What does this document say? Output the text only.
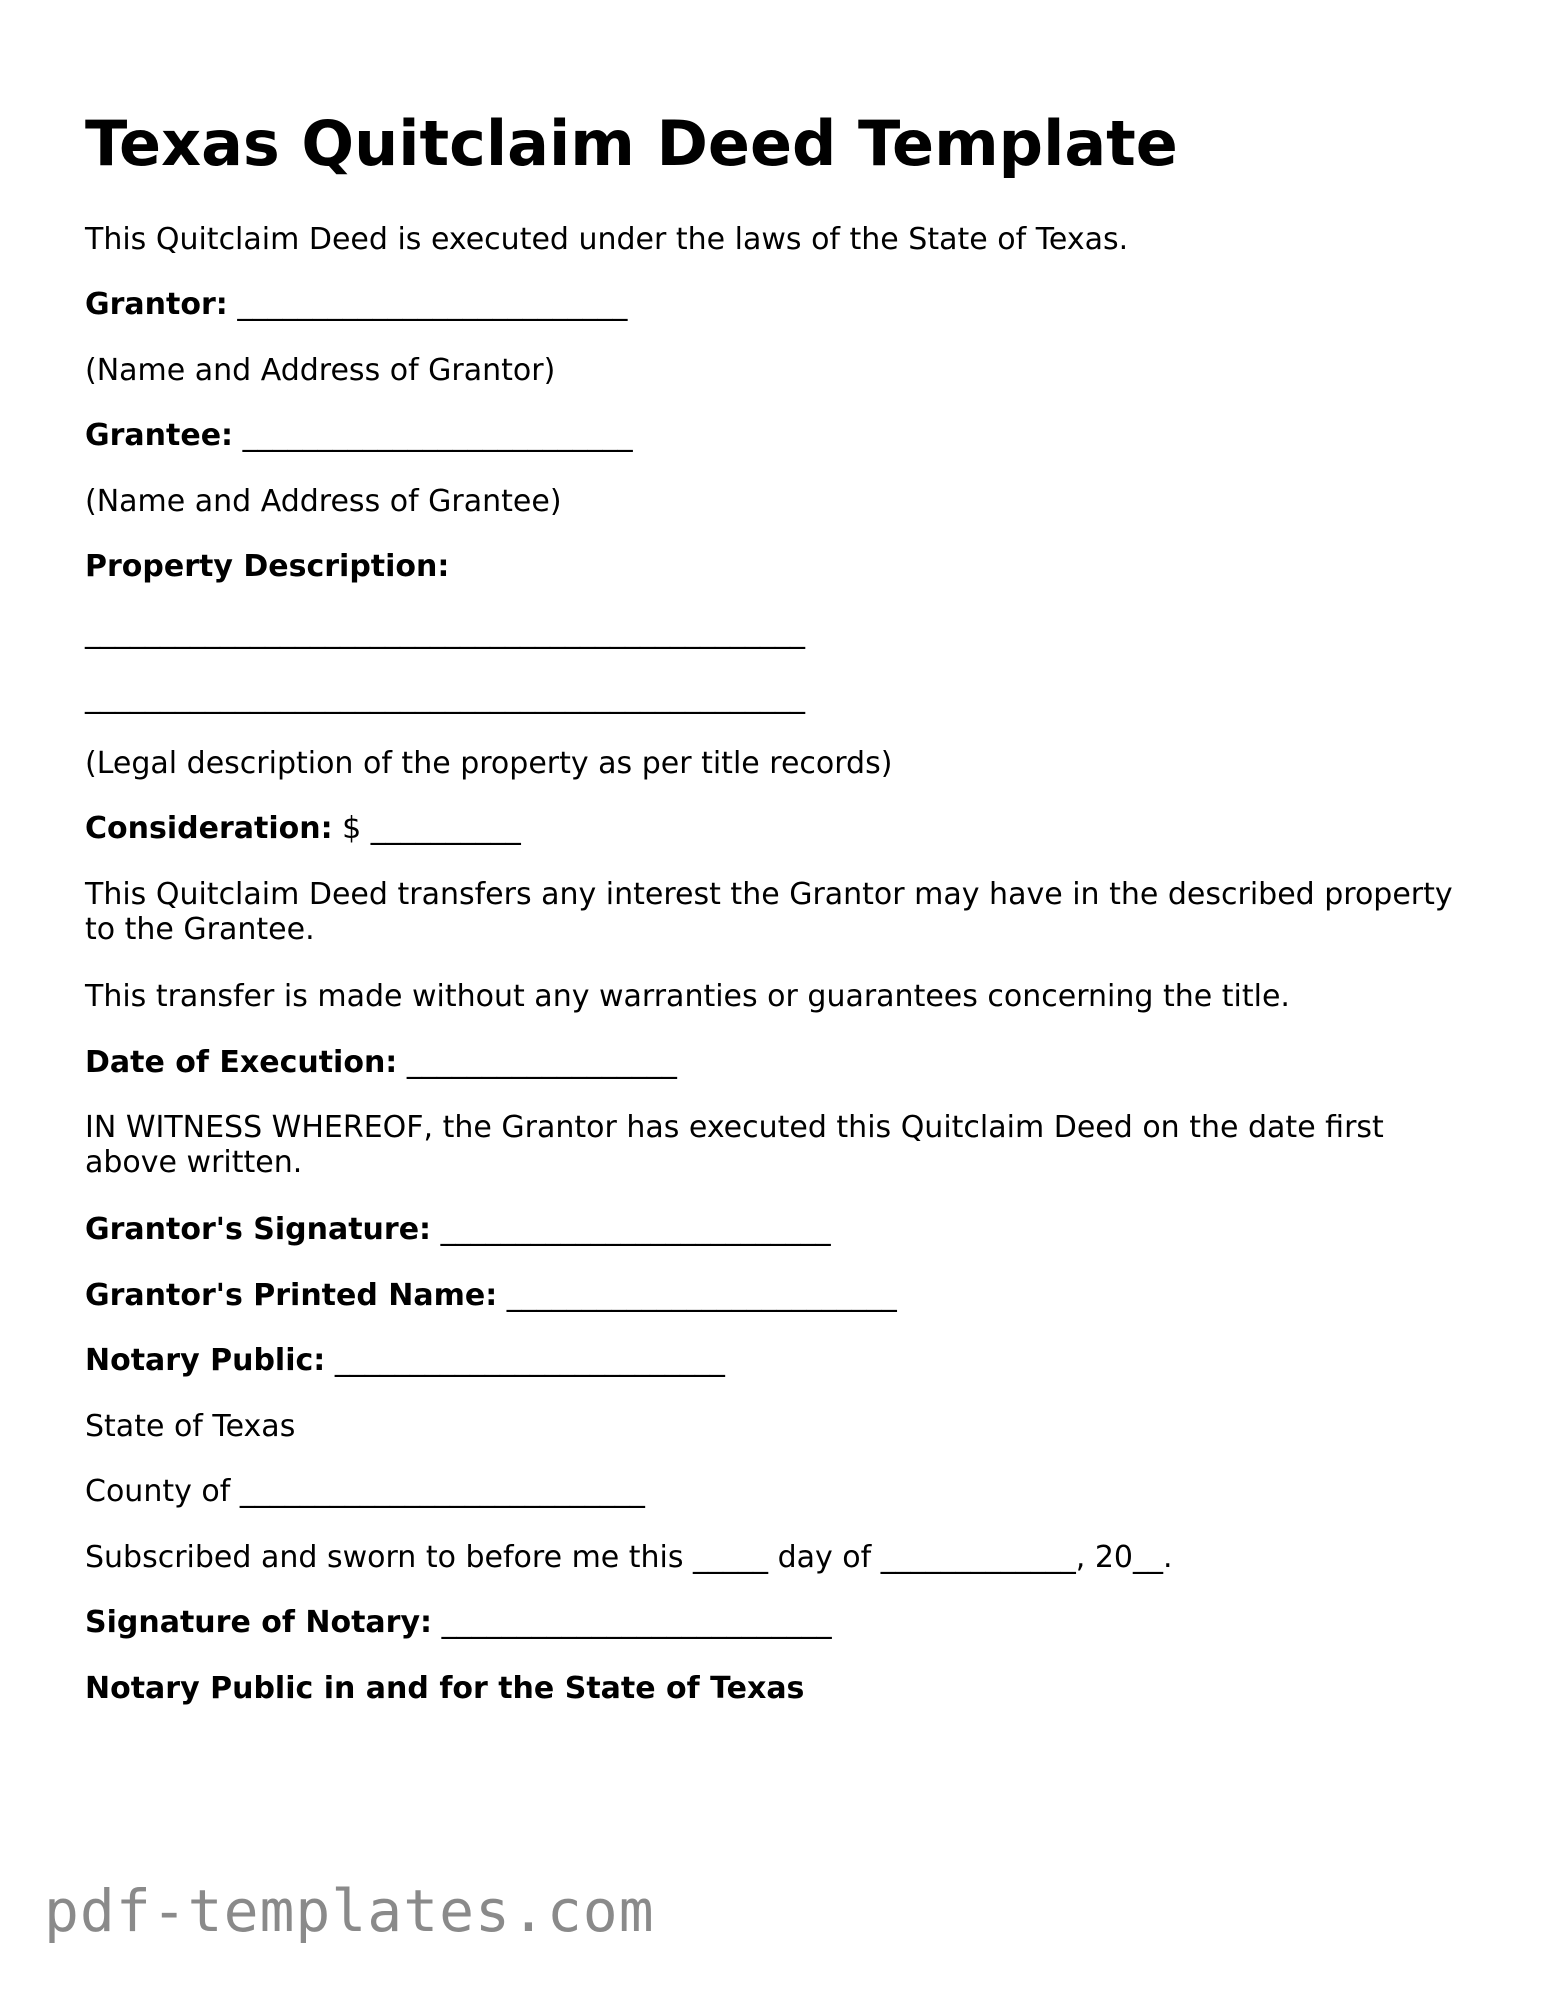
Texas Quitclaim Deed Template

This Quitclaim Deed is executed under the laws of the State of Texas.

Grantor: __________________________

(Name and Address of Grantor)

Grantee: __________________________

(Name and Address of Grantee)

Property Description:

________________________________________________

________________________________________________

(Legal description of the property as per title records)

Consideration: $ __________

This Quitclaim Deed transfers any interest the Grantor may have in the described property to the Grantee.

This transfer is made without any warranties or guarantees concerning the title.

Date of Execution: __________________

IN WITNESS WHEREOF, the Grantor has executed this Quitclaim Deed on the date first above written.

Grantor's Signature: __________________________

Grantor's Printed Name: __________________________

Notary Public: __________________________

State of Texas

County of ___________________________

Subscribed and sworn to before me this _____ day of _____________, 20__.

Signature of Notary: __________________________

Notary Public in and for the State of Texas

pdf-templates.com
